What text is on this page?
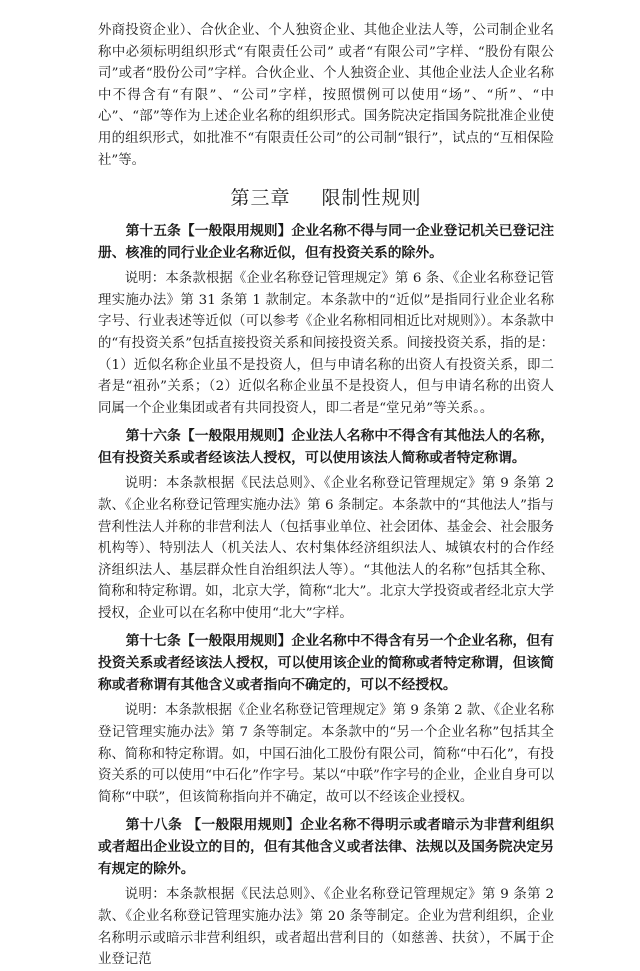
外商投资企业）、合伙企业、个人独资企业、其他企业法人等，公司制企业名称中必须标明组织形式“有限责任公司” 或者“有限公司”字样、“股份有限公司”或者“股份公司”字样。合伙企业、个人独资企业、其他企业法人企业名称中不得含有“有限”、“公司”字样，按照惯例可以使用“场”、“所”、“中心”、“部”等作为上述企业名称的组织形式。国务院决定指国务院批准企业使用的组织形式，如批准不“有限责任公司”的公司制“银行”，试点的“互相保险社”等。

第三章 限制性规则

第十五条【一般限用规则】企业名称不得与同一企业登记机关已登记注册、核准的同行业企业名称近似，但有投资关系的除外。

说明：本条款根据《企业名称登记管理规定》第 6 条、《企业名称登记管理实施办法》第 31 条第 1 款制定。本条款中的“近似”是指同行业企业名称字号、行业表述等近似（可以参考《企业名称相同相近比对规则》）。本条款中的“有投资关系”包括直接投资关系和间接投资关系。间接投资关系，指的是：（1）近似名称企业虽不是投资人，但与申请名称的出资人有投资关系，即二者是“祖孙”关系；（2）近似名称企业虽不是投资人，但与申请名称的出资人同属一个企业集团或者有共同投资人，即二者是“堂兄弟”等关系。。

第十六条【一般限用规则】企业法人名称中不得含有其他法人的名称，但有投资关系或者经该法人授权，可以使用该法人简称或者特定称谓。

说明：本条款根据《民法总则》、《企业名称登记管理规定》第 9 条第 2 款、《企业名称登记管理实施办法》第 6 条制定。本条款中的“其他法人”指与营利性法人并称的非营利法人（包括事业单位、社会团体、基金会、社会服务机构等）、特别法人（机关法人、农村集体经济组织法人、城镇农村的合作经济组织法人、基层群众性自治组织法人等）。“其他法人的名称”包括其全称、简称和特定称谓。如，北京大学，简称“北大”。北京大学投资或者经北京大学授权，企业可以在名称中使用“北大”字样。

第十七条【一般限用规则】企业名称中不得含有另一个企业名称，但有投资关系或者经该法人授权，可以使用该企业的简称或者特定称谓，但该简称或者称谓有其他含义或者指向不确定的，可以不经授权。

说明：本条款根据《企业名称登记管理规定》第 9 条第 2 款、《企业名称登记管理实施办法》第 7 条等制定。本条款中的“另一个企业名称”包括其全称、简称和特定称谓。如，中国石油化工股份有限公司，简称“中石化”，有投资关系的可以使用“中石化”作字号。某以“中联”作字号的企业，企业自身可以简称“中联”，但该简称指向并不确定，故可以不经该企业授权。

第十八条 【一般限用规则】企业名称不得明示或者暗示为非营利组织或者超出企业设立的目的，但有其他含义或者法律、法规以及国务院决定另有规定的除外。

说明：本条款根据《民法总则》、《企业名称登记管理规定》第 9 条第 2 款、《企业名称登记管理实施办法》第 20 条等制定。企业为营利组织，企业名称明示或暗示非营利组织，或者超出营利目的（如慈善、扶贫），不属于企业登记范
